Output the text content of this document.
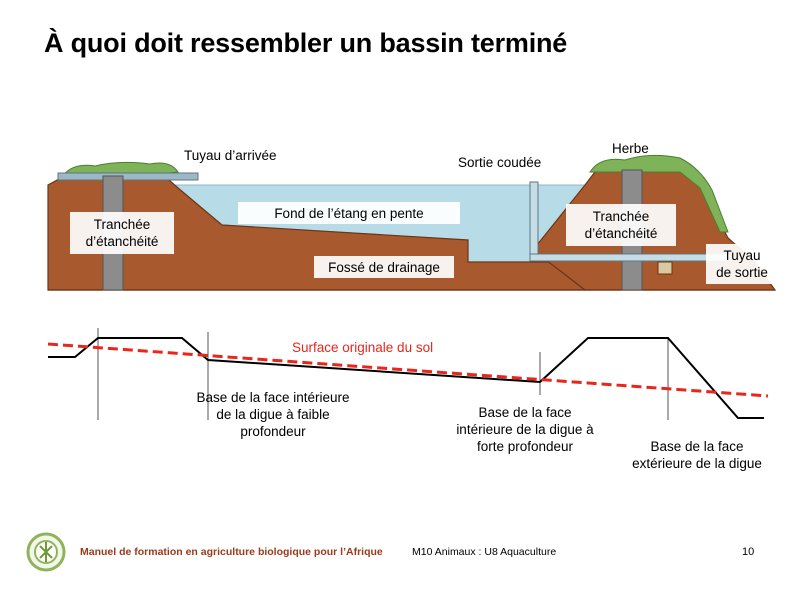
À quoi doit ressembler un bassin terminé
Tuyau d’arrivée	Sortie coudée
Herbe
Tranchée
d’étanchéité
Fond de l’étang en pente	Tranchée
d’étanchéité
Fossé de drainage
Tuyau
de sortie
Surface originale du sol
Base de la face intérieure
de la digue à faible
profondeur
Base de la face
intérieure de la digue à
forte profondeur	Base de la face
extérieure de la digue
Manuel de formation en agriculture biologique pour l’Afrique	M10 Animaux : U8 Aquaculture	10
